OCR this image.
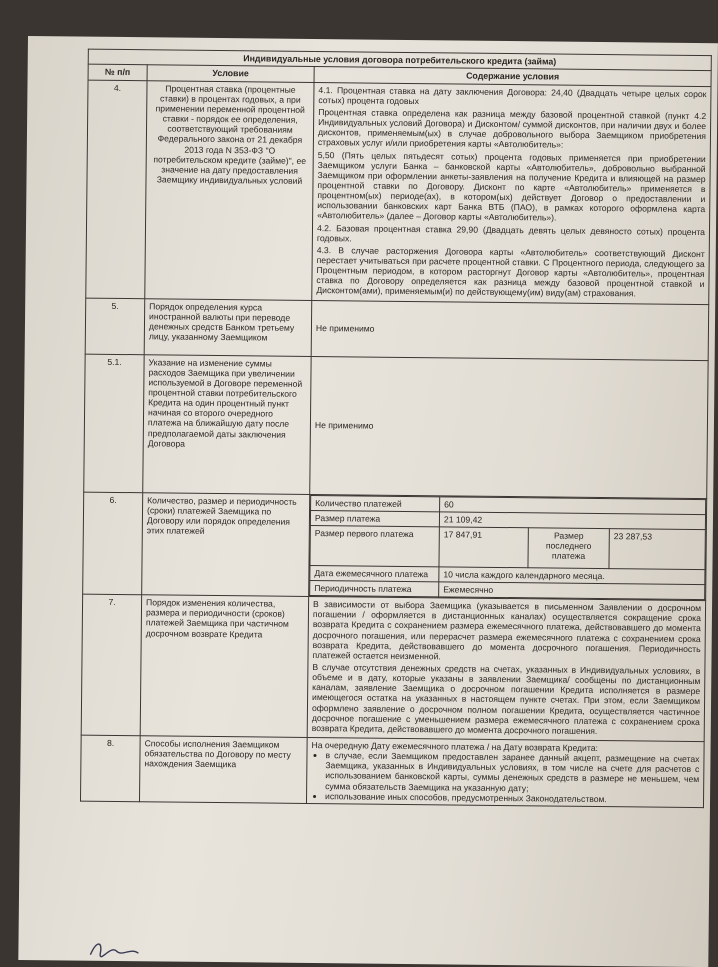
Индивидуальные условия договора потребительского кредита (займа)
№ п/п	Условие	Содержание условия
4.	Процентная ставка (процентные ставки) в процентах годовых, а при применении переменной процентной ставки - порядок ее определения, соответствующий требованиям Федерального закона от 21 декабря 2013 года N 353-ФЗ "О потребительском кредите (займе)", ее значение на дату предоставления Заемщику индивидуальных условий	

4.1. Процентная ставка на дату заключения Договора: 24,40 (Двадцать четыре целых сорок сотых) процента годовых

Процентная ставка определена как разница между базовой процентной ставкой (пункт 4.2 Индивидуальных условий Договора) и Дисконтом/ суммой дисконтов, при наличии двух и более дисконтов, применяемым(ых) в случае добровольного выбора Заемщиком приобретения страховых услуг и/или приобретения карты «Автолюбитель»:

5,50 (Пять целых пятьдесят сотых) процента годовых применяется при приобретении Заемщиком услуги Банка – банковской карты «Автолюбитель», добровольно выбранной Заемщиком при оформлении анкеты-заявления на получение Кредита и влияющей на размер процентной ставки по Договору. Дисконт по карте «Автолюбитель» применяется в процентном(ых) периоде(ах), в котором(ых) действует Договор о предоставлении и использовании банковских карт Банка ВТБ (ПАО), в рамках которого оформлена карта «Автолюбитель» (далее – Договор карты «Автолюбитель»).

4.2. Базовая процентная ставка 29,90 (Двадцать девять целых девяносто сотых) процента годовых.

4.3. В случае расторжения Договора карты «Автолюбитель» соответствующий Дисконт перестает учитываться при расчете процентной ставки. С Процентного периода, следующего за Процентным периодом, в котором расторгнут Договор карты «Автолюбитель», процентная ставка по Договору определяется как разница между базовой процентной ставкой и Дисконтом(ами), применяемым(и) по действующему(им) виду(ам) страхования.

5.	Порядок определения курса иностранной валюты при переводе денежных средств Банком третьему лицу, указанному Заемщиком	Не применимо
5.1.	Указание на изменение суммы расходов Заемщика при увеличении используемой в Договоре переменной процентной ставки потребительского Кредита на один процентный пункт начиная со второго очередного платежа на ближайшую дату после предполагаемой даты заключения Договора	Не применимо
6.	Количество, размер и периодичность (сроки) платежей Заемщика по Договору или порядок определения этих платежей	
Количество платежей	60
Размер платежа	21 109,42
Размер первого платежа	17 847,91	Размер последнего платежа	23 287,53
Дата ежемесячного платежа	10 числа каждого календарного месяца.
Периодичность платежа	Ежемесячно

7.	Порядок изменения количества, размера и периодичности (сроков) платежей Заемщика при частичном досрочном возврате Кредита	

В зависимости от выбора Заемщика (указывается в письменном Заявлении о досрочном погашении / оформляется в дистанционных каналах) осуществляется сокращение срока возврата Кредита с сохранением размера ежемесячного платежа, действовавшего до момента досрочного погашения, или перерасчет размера ежемесячного платежа с сохранением срока возврата Кредита, действовавшего до момента досрочного погашения. Периодичность платежей остается неизменной.

В случае отсутствия денежных средств на счетах, указанных в Индивидуальных условиях, в объеме и в дату, которые указаны в заявлении Заемщика/ сообщены по дистанционным каналам, заявление Заемщика о досрочном погашении Кредита исполняется в размере имеющегося остатка на указанных в настоящем пункте счетах. При этом, если Заемщиком оформлено заявление о досрочном полном погашении Кредита, осуществляется частичное досрочное погашение с уменьшением размера ежемесячного платежа с сохранением срока возврата Кредита, действовавшего до момента досрочного погашения.

8.	Способы исполнения Заемщиком обязательства по Договору по месту нахождения Заемщика	
На очередную Дату ежемесячного платежа / на Дату возврата Кредита:
• в случае, если Заемщиком предоставлен заранее данный акцепт, размещение на счетах Заемщика, указанных в Индивидуальных условиях, в том числе на счете для расчетов с использованием банковской карты, суммы денежных средств в размере не меньшем, чем сумма обязательств Заемщика на указанную дату;
• использование иных способов, предусмотренных Законодательством.
